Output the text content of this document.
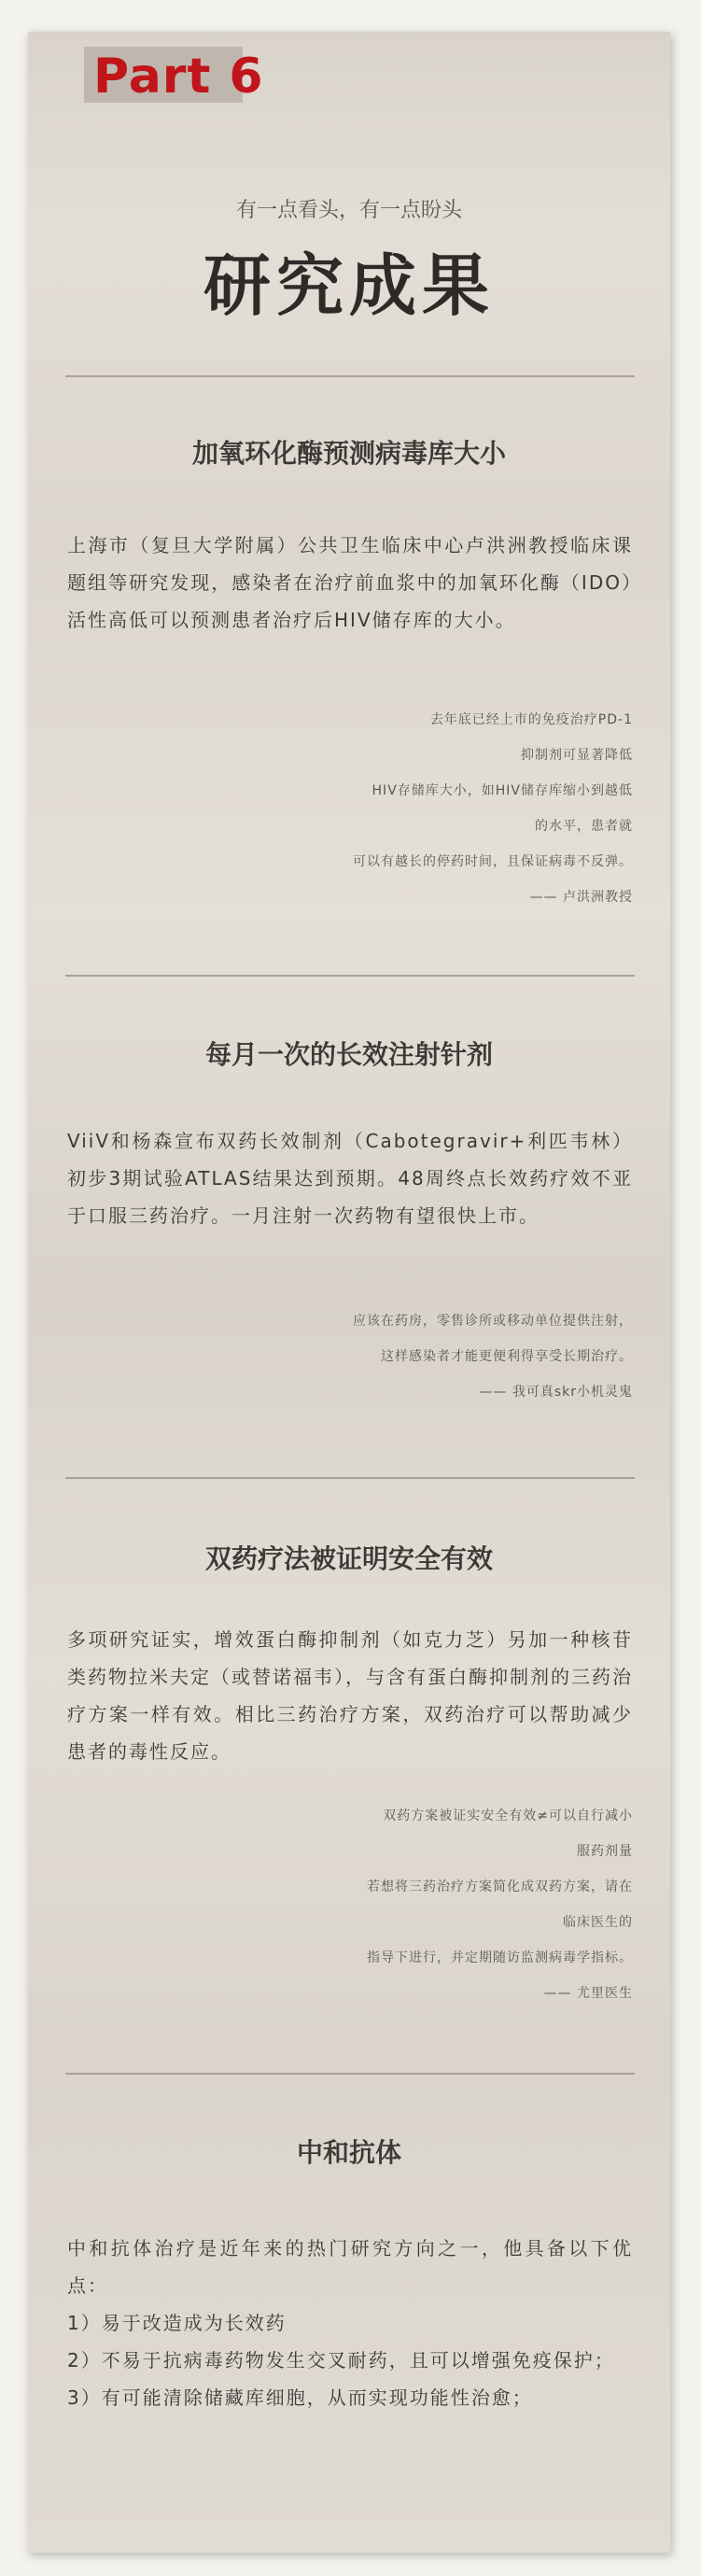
Part 6
有一点看头，有一点盼头
研究成果
加氧环化酶预测病毒库大小
上海市（复旦大学附属）公共卫生临床中心卢洪洲教授临床课题组等研究发现，感染者在治疗前血浆中的加氧环化酶（IDO）活性高低可以预测患者治疗后HIV储存库的大小。

去年底已经上市的免疫治疗PD-1

抑制剂可显著降低

HIV存储库大小，如HIV储存库缩小到越低

的水平，患者就

可以有越长的停药时间，且保证病毒不反弹。

—— 卢洪洲教授

每月一次的长效注射针剂
ViiV和杨森宣布双药长效制剂（Cabotegravir+利匹韦林）初步3期试验ATLAS结果达到预期。48周终点长效药疗效不亚于口服三药治疗。一月注射一次药物有望很快上市。

应该在药房，零售诊所或移动单位提供注射，

这样感染者才能更便利得享受长期治疗。

—— 我可真skr小机灵鬼

双药疗法被证明安全有效
多项研究证实，增效蛋白酶抑制剂（如克力芝）另加一种核苷类药物拉米夫定（或替诺福韦），与含有蛋白酶抑制剂的三药治疗方案一样有效。相比三药治疗方案，双药治疗可以帮助减少患者的毒性反应。

双药方案被证实安全有效≠可以自行减小

服药剂量

若想将三药治疗方案简化成双药方案，请在

临床医生的

指导下进行，并定期随访监测病毒学指标。

—— 尤里医生

中和抗体

中和抗体治疗是近年来的热门研究方向之一，他具备以下优点：

1）易于改造成为长效药

2）不易于抗病毒药物发生交叉耐药，且可以增强免疫保护；

3）有可能清除储藏库细胞，从而实现功能性治愈；
